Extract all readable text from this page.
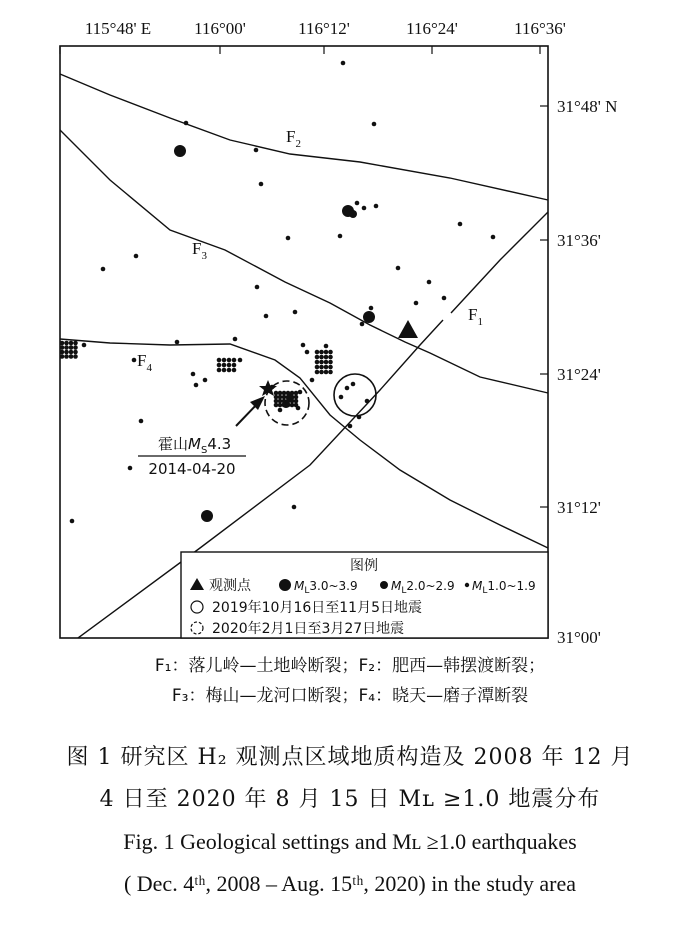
115°48' E	116°00'	116°12'	116°24'	116°36'
31°48' N
31°36'
31°24'
31°12'
31°00'
$F_1$
$F_2$
$F_3$
$F_4$
霍山$M_S4.3$
2014-04-20
图例
观测点	$M_L3.0\sim 3.9$	$M_L2.0\sim 2.9$ $M_L1.0\sim 1.9$
2019年10月16日至11月5日地震
2020年2月1日至3月27日地震
F₁：落儿岭—土地岭断裂；F₂：肥西—韩摆渡断裂；
F₃：梅山—龙河口断裂；F₄：晓天—磨子潭断裂
图 1 研究区 H₂ 观测点区域地质构造及 2008 年 12 月
4 日至 2020 年 8 月 15 日 Mʟ ≥1.0 地震分布
Fig. 1 Geological settings and Mʟ ≥1.0 earthquakes
( Dec. 4ᵗʰ, 2008 – Aug. 15ᵗʰ, 2020) in the study area
